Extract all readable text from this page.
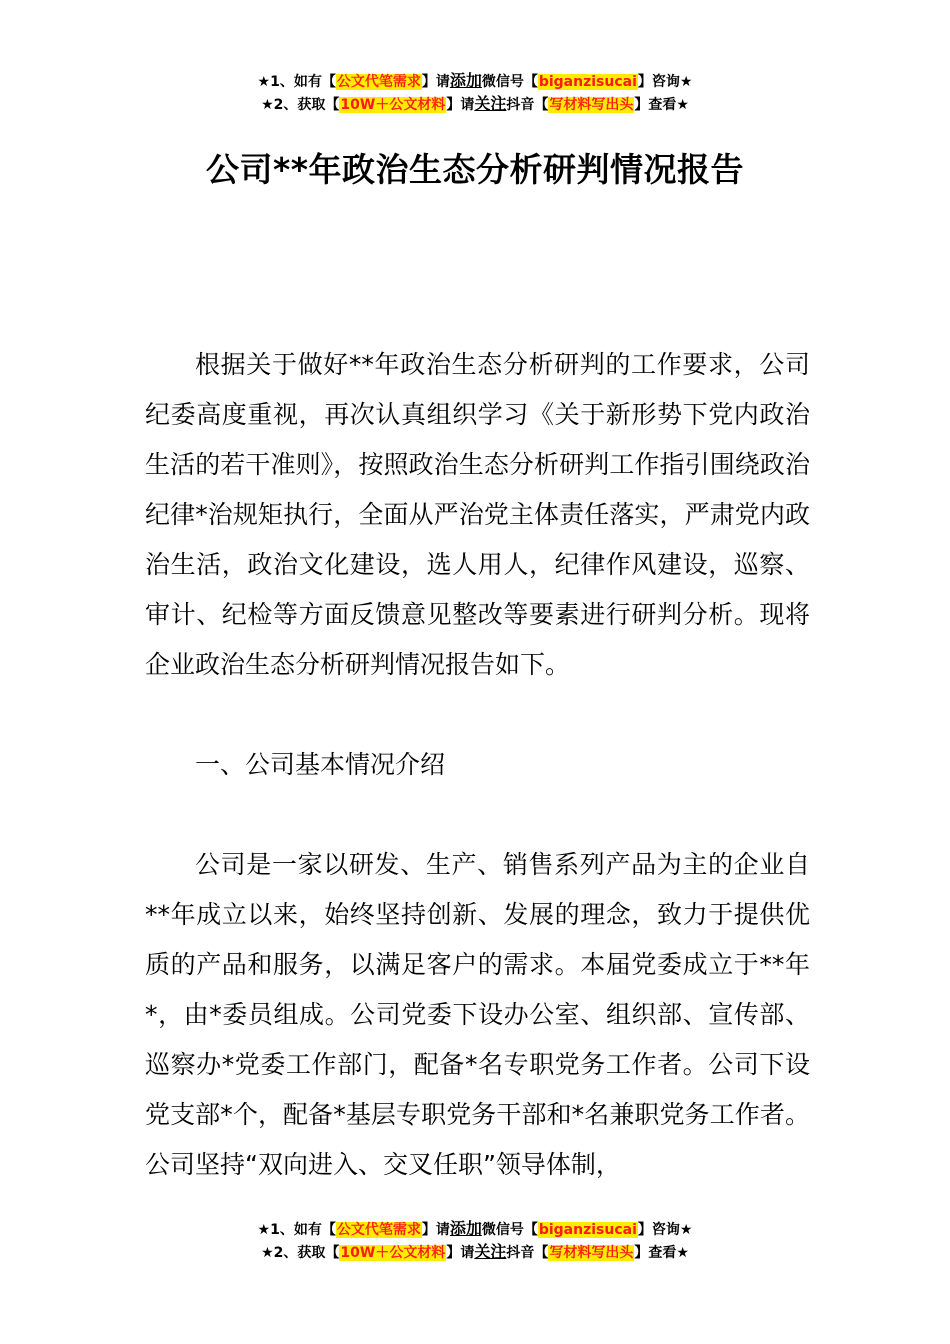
★1、如有【公文代笔需求】请添加微信号【biganzisucai】咨询★
★2、获取【10W＋公文材料】请关注抖音【写材料写出头】查看★
公司**年政治生态分析研判情况报告

根据关于做好**年政治生态分析研判的工作要求，公司纪委高度重视，再次认真组织学习《关于新形势下党内政治生活的若干准则》，按照政治生态分析研判工作指引围绕政治纪律*治规矩执行，全面从严治党主体责任落实，严肃党内政治生活，政治文化建设，选人用人，纪律作风建设，巡察、审计、纪检等方面反馈意见整改等要素进行研判分析。现将企业政治生态分析研判情况报告如下。

一、公司基本情况介绍

公司是一家以研发、生产、销售系列产品为主的企业自**年成立以来，始终坚持创新、发展的理念，致力于提供优质的产品和服务，以满足客户的需求。本届党委成立于**年*，由*委员组成。公司党委下设办公室、组织部、宣传部、巡察办*党委工作部门，配备*名专职党务工作者。公司下设党支部*个，配备*基层专职党务干部和*名兼职党务工作者。公司坚持“双向进入、交叉任职”领导体制，

★1、如有【公文代笔需求】请添加微信号【biganzisucai】咨询★
★2、获取【10W＋公文材料】请关注抖音【写材料写出头】查看★
